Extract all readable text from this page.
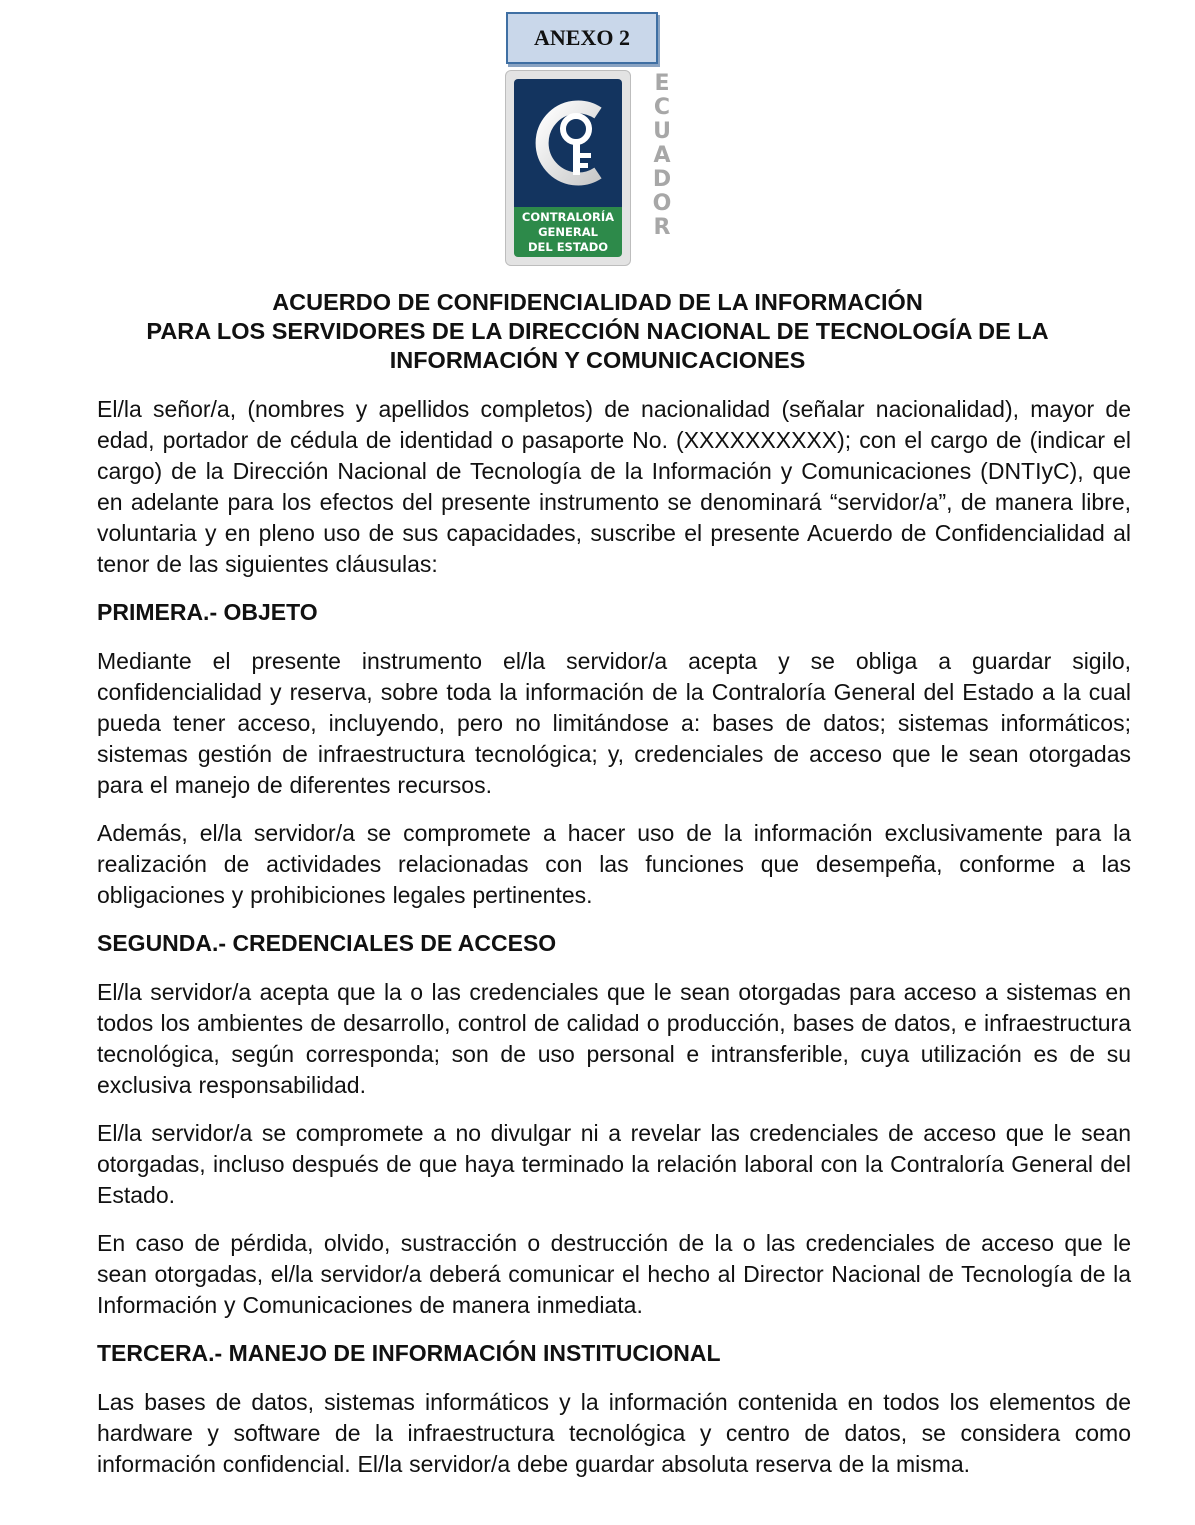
ANEXO 2
CONTRALORÍA
GENERAL
DEL ESTADO
E
C
U
A
D
O
R
ACUERDO DE CONFIDENCIALIDAD DE LA INFORMACIÓN
PARA LOS SERVIDORES DE LA DIRECCIÓN NACIONAL DE TECNOLOGÍA DE LA
INFORMACIÓN Y COMUNICACIONES

El/la señor/a, (nombres y apellidos completos) de nacionalidad (señalar nacionalidad), mayor de edad, portador de cédula de identidad o pasaporte No. (XXXXXXXXXX); con el cargo de (indicar el cargo) de la Dirección Nacional de Tecnología de la Información y Comunicaciones (DNTIyC), que en adelante para los efectos del presente instrumento se denominará “servidor/a”, de manera libre, voluntaria y en pleno uso de sus capacidades, suscribe el presente Acuerdo de Confidencialidad al tenor de las siguientes cláusulas:

PRIMERA.- OBJETO

Mediante el presente instrumento el/la servidor/a acepta y se obliga a guardar sigilo, confidencialidad y reserva, sobre toda la información de la Contraloría General del Estado a la cual pueda tener acceso, incluyendo, pero no limitándose a: bases de datos; sistemas informáticos; sistemas gestión de infraestructura tecnológica; y, credenciales de acceso que le sean otorgadas para el manejo de diferentes recursos.

Además, el/la servidor/a se compromete a hacer uso de la información exclusivamente para la realización de actividades relacionadas con las funciones que desempeña, conforme a las obligaciones y prohibiciones legales pertinentes.

SEGUNDA.- CREDENCIALES DE ACCESO

El/la servidor/a acepta que la o las credenciales que le sean otorgadas para acceso a sistemas en todos los ambientes de desarrollo, control de calidad o producción, bases de datos, e infraestructura tecnológica, según corresponda; son de uso personal e intransferible, cuya utilización es de su exclusiva responsabilidad.

El/la servidor/a se compromete a no divulgar ni a revelar las credenciales de acceso que le sean otorgadas, incluso después de que haya terminado la relación laboral con la Contraloría General del Estado.

En caso de pérdida, olvido, sustracción o destrucción de la o las credenciales de acceso que le sean otorgadas, el/la servidor/a deberá comunicar el hecho al Director Nacional de Tecnología de la Información y Comunicaciones de manera inmediata.

TERCERA.- MANEJO DE INFORMACIÓN INSTITUCIONAL

Las bases de datos, sistemas informáticos y la información contenida en todos los elementos de hardware y software de la infraestructura tecnológica y centro de datos, se considera como información confidencial. El/la servidor/a debe guardar absoluta reserva de la misma.
